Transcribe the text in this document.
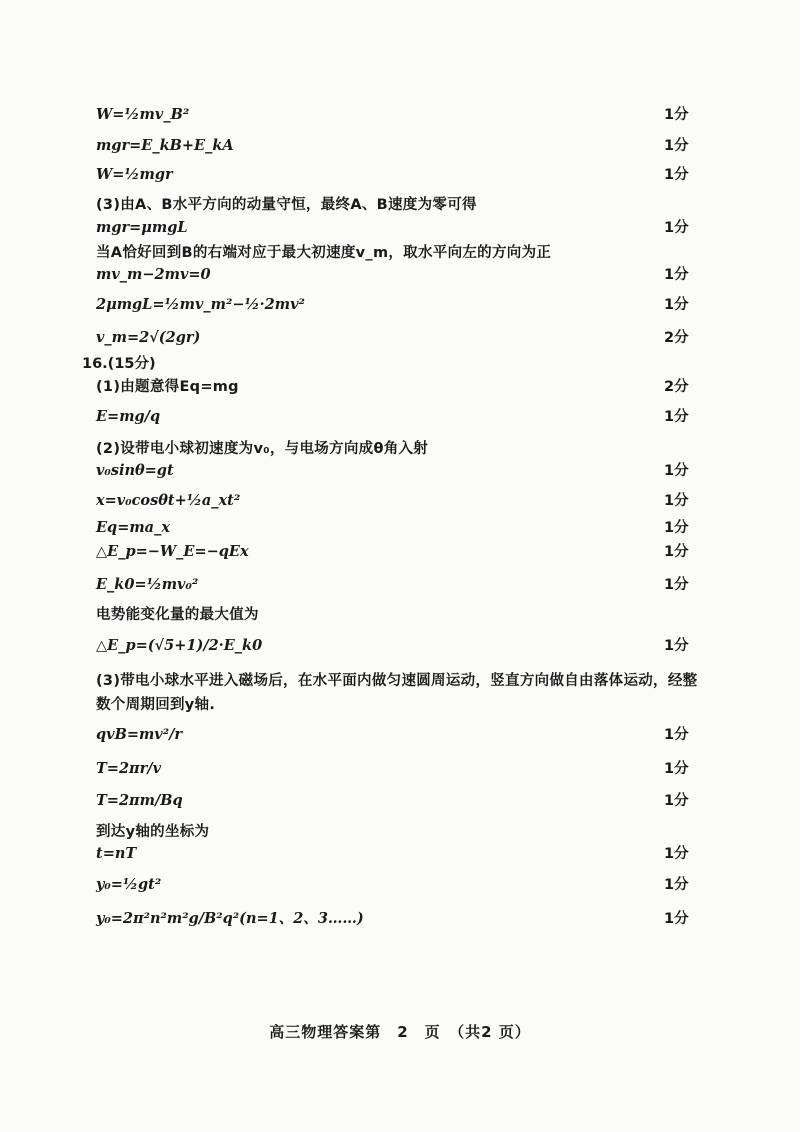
W=½mv_B²	1分
mgr=E_kB+E_kA	1分
W=½mgr	1分
(3)由A、B水平方向的动量守恒，最终A、B速度为零可得
mgr=μmgL	1分
当A恰好回到B的右端对应于最大初速度v_m，取水平向左的方向为正
mv_m−2mv=0	1分
2μmgL=½mv_m²−½·2mv²	1分
v_m=2√(2gr)	2分
16.(15分)
(1)由题意得Eq=mg	2分
E=mg/q	1分
(2)设带电小球初速度为v₀，与电场方向成θ角入射
v₀sinθ=gt	1分
x=v₀cosθt+½a_xt²	1分
Eq=ma_x	1分
△E_p=−W_E=−qEx	1分
E_k0=½mv₀²	1分
电势能变化量的最大值为
△E_p=(√5+1)/2·E_k0	1分
(3)带电小球水平进入磁场后，在水平面内做匀速圆周运动，竖直方向做自由落体运动，经整
数个周期回到y轴.
qvB=mv²/r	1分
T=2πr/v	1分
T=2πm/Bq	1分
到达y轴的坐标为
t=nT	1分
y₀=½gt²	1分
y₀=2π²n²m²g/B²q²(n=1、2、3……)	1分
高三物理答案第　2　页　（共2 页）
